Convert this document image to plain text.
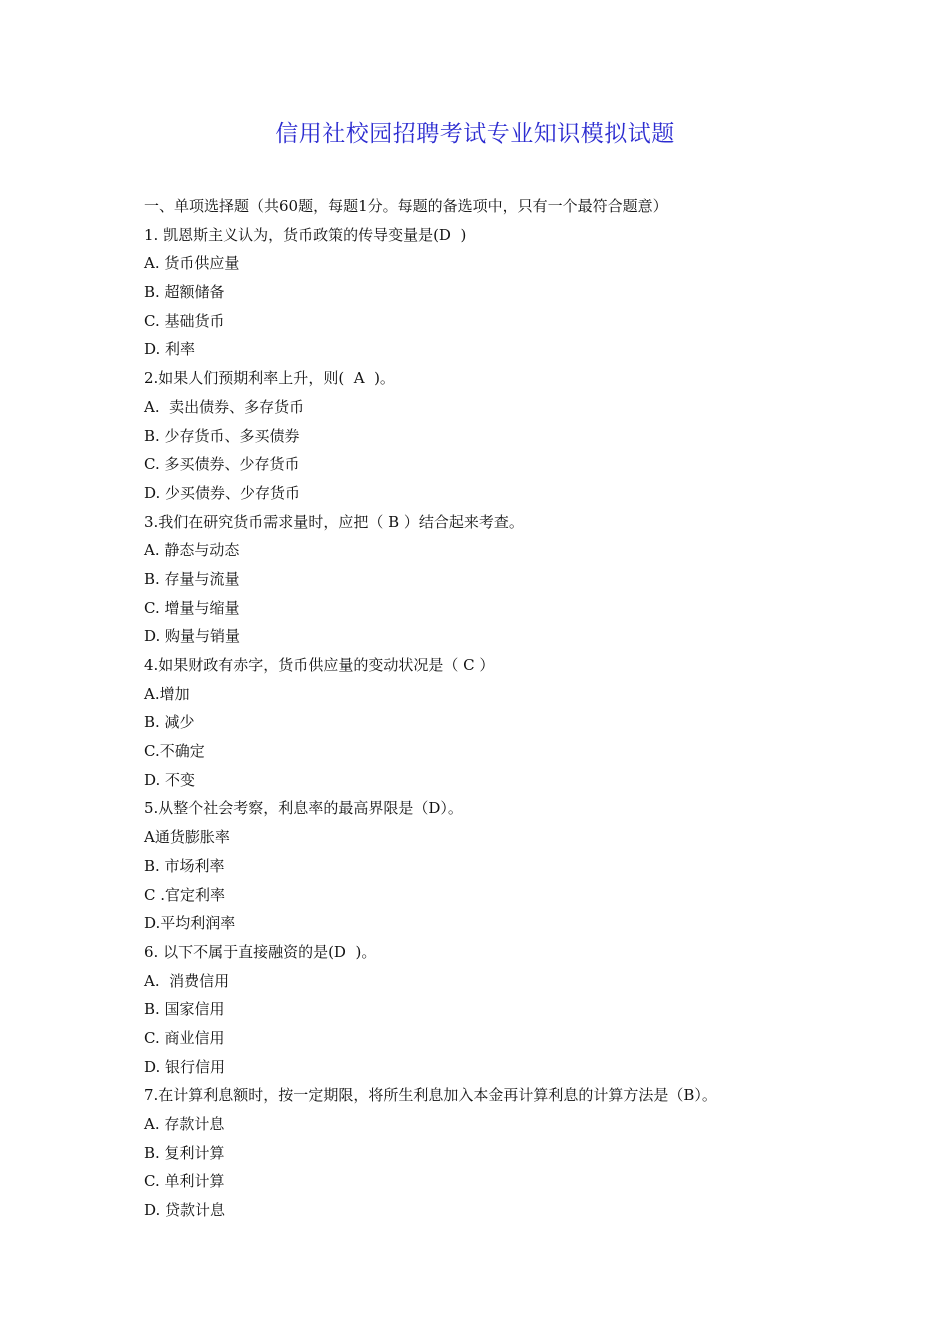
信用社校园招聘考试专业知识模拟试题
一、单项选择题（共60题，每题1分。每题的备选项中，只有一个最符合题意）
1. 凯恩斯主义认为，货币政策的传导变量是(D  )
A. 货币供应量
B. 超额储备
C. 基础货币
D. 利率
2.如果人们预期利率上升，则(  A  )。
A.  卖出债券、多存货币
B. 少存货币、多买债券
C. 多买债券、少存货币
D. 少买债券、少存货币
3.我们在研究货币需求量时，应把（ B ）结合起来考查。
A. 静态与动态
B. 存量与流量
C. 增量与缩量
D. 购量与销量
4.如果财政有赤字，货币供应量的变动状况是（ C ）
A.增加
B. 减少
C.不确定
D. 不变
5.从整个社会考察，利息率的最高界限是（D）。
A通货膨胀率
B. 市场利率
C .官定利率
D.平均利润率
6. 以下不属于直接融资的是(D  )。
A.  消费信用
B. 国家信用
C. 商业信用
D. 银行信用
7.在计算利息额时，按一定期限，将所生利息加入本金再计算利息的计算方法是（B）。
A. 存款计息
B. 复利计算
C. 单利计算
D. 贷款计息
